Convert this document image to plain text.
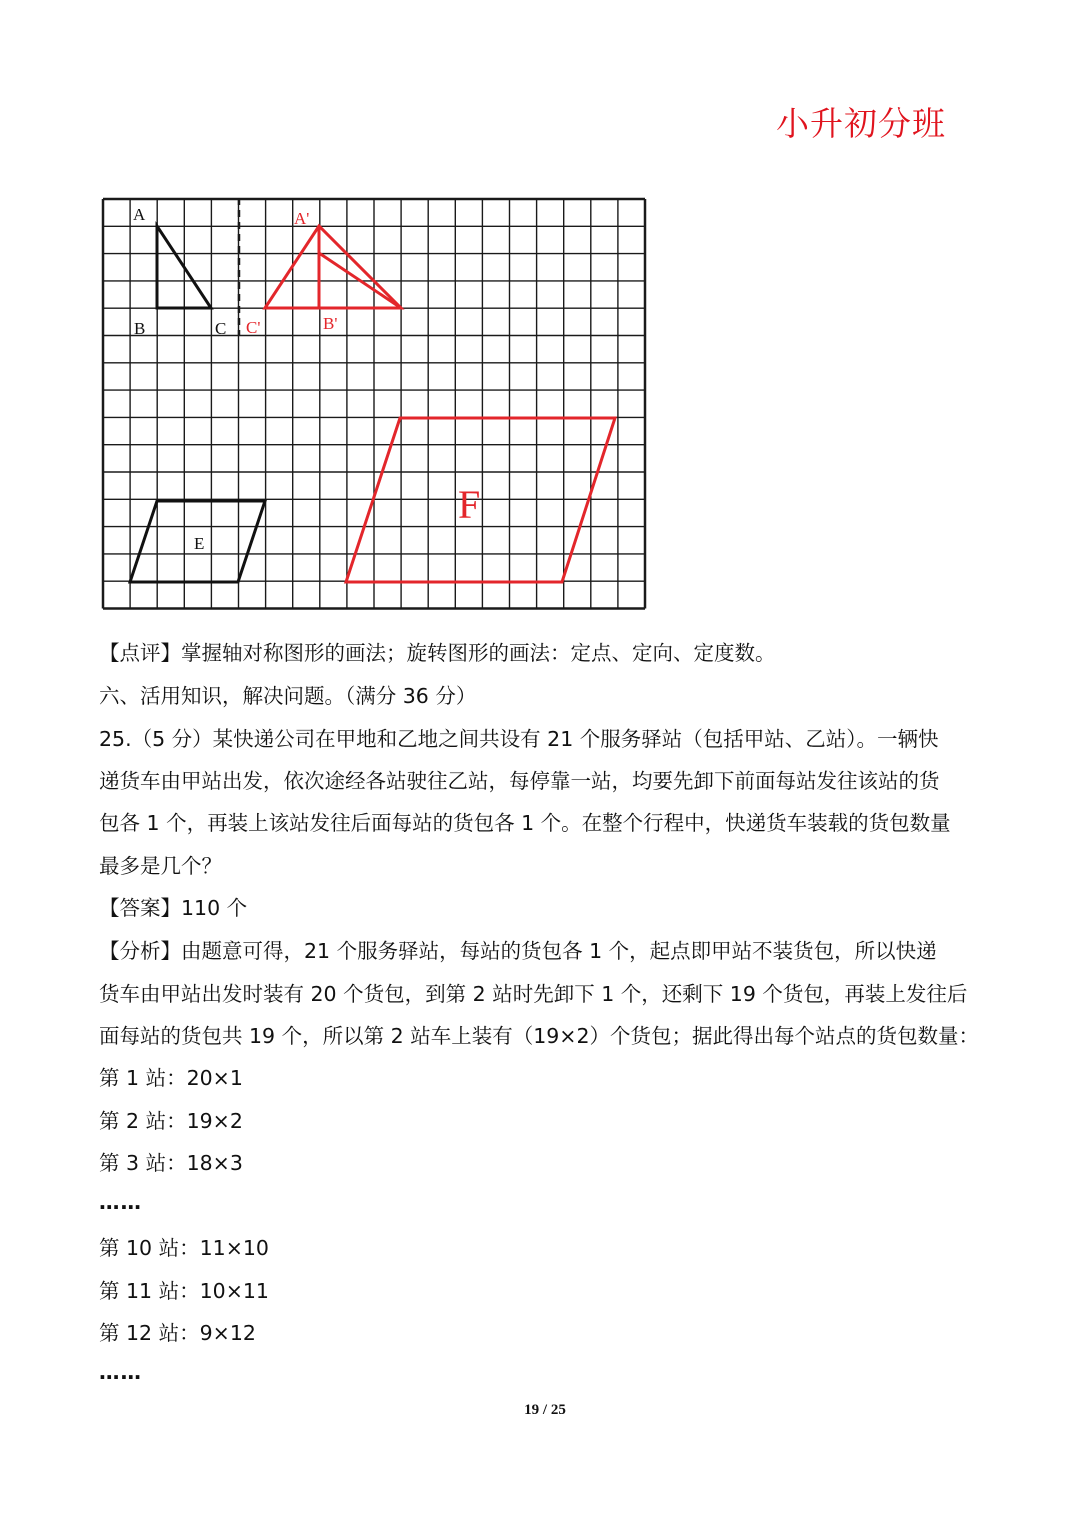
小升初分班
A
B	C
A'
B'
C'
E
F
【点评】掌握轴对称图形的画法；旋转图形的画法：定点、定向、定度数。
六、活用知识，解决问题。（满分 36 分）
25.（5 分）某快递公司在甲地和乙地之间共设有 21 个服务驿站（包括甲站、乙站）。一辆快
递货车由甲站出发，依次途经各站驶往乙站，每停靠一站，均要先卸下前面每站发往该站的货
包各 1 个，再装上该站发往后面每站的货包各 1 个。在整个行程中，快递货车装载的货包数量
最多是几个？
【答案】110 个
【分析】由题意可得，21 个服务驿站，每站的货包各 1 个，起点即甲站不装货包，所以快递
货车由甲站出发时装有 20 个货包，到第 2 站时先卸下 1 个，还剩下 19 个货包，再装上发往后
面每站的货包共 19 个，所以第 2 站车上装有（19×2）个货包；据此得出每个站点的货包数量：
第 1 站：20×1
第 2 站：19×2
第 3 站：18×3
……
第 10 站：11×10
第 11 站：10×11
第 12 站：9×12
……
19 / 25
